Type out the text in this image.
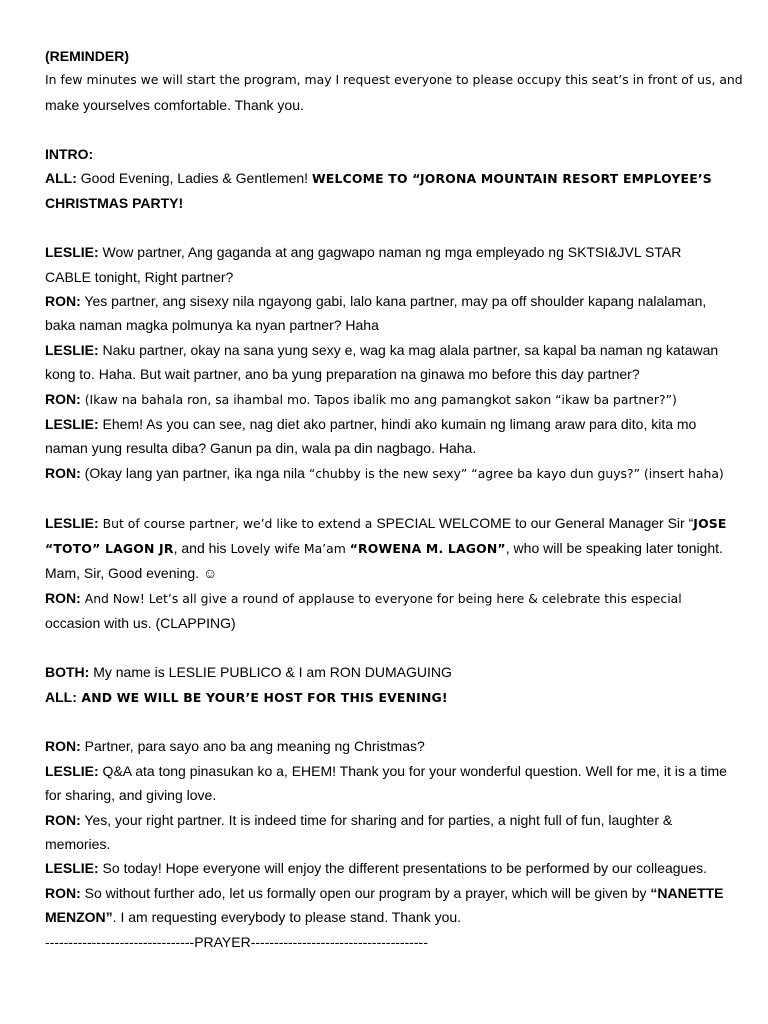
(REMINDER)
In few minutes we will start the program, may I request everyone to please occupy this seat’s in front of us, and
make yourselves comfortable. Thank you.
INTRO:
ALL: Good Evening, Ladies & Gentlemen! WELCOME TO “JORONA MOUNTAIN RESORT EMPLOYEE’S
CHRISTMAS PARTY!
LESLIE: Wow partner, Ang gaganda at ang gagwapo naman ng mga empleyado ng SKTSI&JVL STAR
CABLE tonight, Right partner?
RON: Yes partner, ang sisexy nila ngayong gabi, lalo kana partner, may pa off shoulder kapang nalalaman,
baka naman magka polmunya ka nyan partner? Haha
LESLIE: Naku partner, okay na sana yung sexy e, wag ka mag alala partner, sa kapal ba naman ng katawan
kong to. Haha. But wait partner, ano ba yung preparation na ginawa mo before this day partner?
RON: (Ikaw na bahala ron, sa ihambal mo. Tapos ibalik mo ang pamangkot sakon “ikaw ba partner?”)
LESLIE: Ehem! As you can see, nag diet ako partner, hindi ako kumain ng limang araw para dito, kita mo
naman yung resulta diba? Ganun pa din, wala pa din nagbago. Haha.
RON: (Okay lang yan partner, ika nga nila “chubby is the new sexy” “agree ba kayo dun guys?” (insert haha)
LESLIE: But of course partner, we’d like to extend a SPECIAL WELCOME to our General Manager Sir “JOSE
“TOTO” LAGON JR, and his Lovely wife Ma’am “ROWENA M. LAGON”, who will be speaking later tonight.
Mam, Sir, Good evening. ☺
RON: And Now! Let’s all give a round of applause to everyone for being here & celebrate this especial
occasion with us. (CLAPPING)
BOTH: My name is LESLIE PUBLICO & I am RON DUMAGUING
ALL: AND WE WILL BE YOUR’E HOST FOR THIS EVENING!
RON: Partner, para sayo ano ba ang meaning ng Christmas?
LESLIE: Q&A ata tong pinasukan ko a, EHEM! Thank you for your wonderful question. Well for me, it is a time
for sharing, and giving love.
RON: Yes, your right partner. It is indeed time for sharing and for parties, a night full of fun, laughter &
memories.
LESLIE: So today! Hope everyone will enjoy the different presentations to be performed by our colleagues.
RON: So without further ado, let us formally open our program by a prayer, which will be given by “NANETTE
MENZON”. I am requesting everybody to please stand. Thank you.
--------------------------------PRAYER--------------------------------------
